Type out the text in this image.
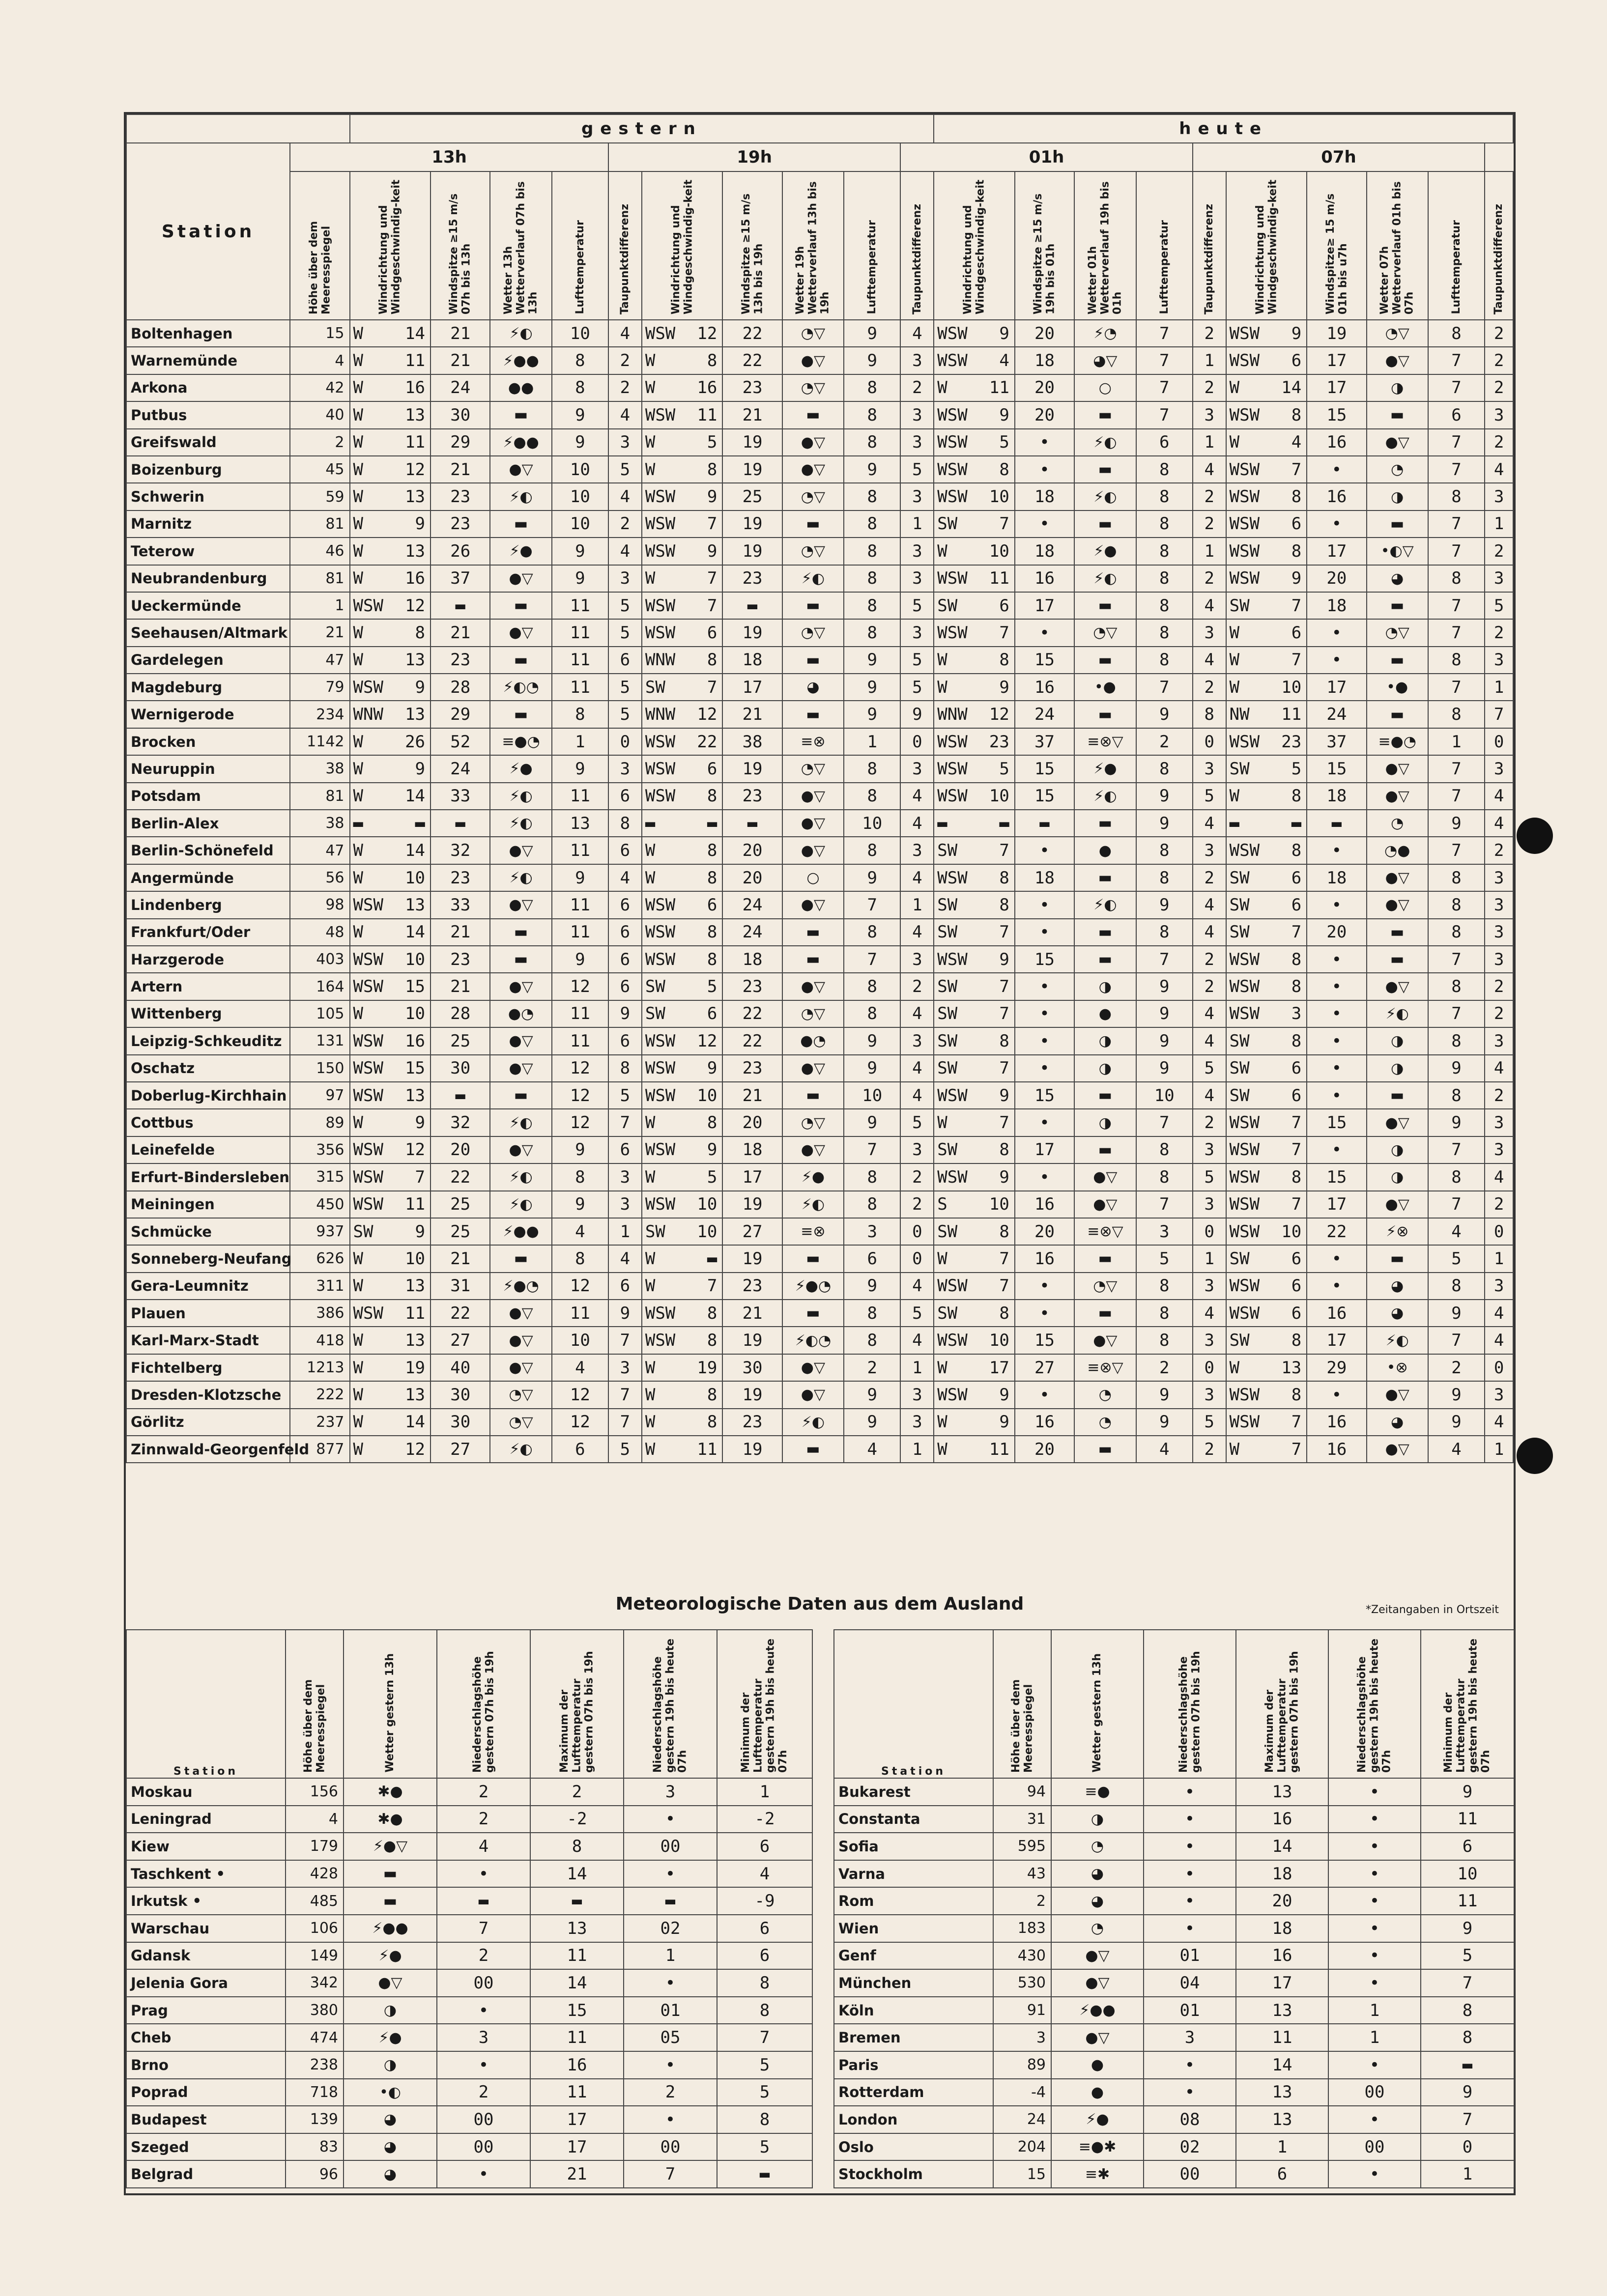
		gestern										heute									
Station	13h					19h					01h					07h					
	Höhe über dem Meeresspiegel	Windrichtung und Windgeschwindig-keit	Windspitze ≥15 m/s 07h bis 13h	Wetter 13h Wetterverlauf 07h bis 13h	Lufttemperatur	Taupunktdifferenz	Windrichtung und Windgeschwindig-keit	Windspitze ≥15 m/s 13h bis 19h	Wetter 19h Wetterverlauf 13h bis 19h	Lufttemperatur	Taupunktdifferenz	Windrichtung und Windgeschwindig-keit	Windspitze ≥15 m/s 19h bis 01h	Wetter 01h Wetterverlauf 19h bis 01h	Lufttemperatur	Taupunktdifferenz	Windrichtung und Windgeschwindig-keit	Windspitze≥ 15 m/s 01h bis u7h	Wetter 07h Wetterverlauf 01h bis 07h	Lufttemperatur	Taupunktdifferenz
Boltenhagen	15	W 14	21	⚡◐	10	4	WSW 12	22	◔▽	9	4	WSW 9	20	⚡◔	7	2	WSW 9	19	◔▽	8	2
Warnemünde	4	W 11	21	⚡●●	8	2	W 8	22	●▽	9	3	WSW 4	18	◕▽	7	1	WSW 6	17	●▽	7	2
Arkona	42	W 16	24	●●	8	2	W 16	23	◔▽	8	2	W 11	20	○	7	2	W 14	17	◑	7	2
Putbus	40	W 13	30	▬	9	4	WSW 11	21	▬	8	3	WSW 9	20	▬	7	3	WSW 8	15	▬	6	3
Greifswald	2	W 11	29	⚡●●	9	3	W 5	19	●▽	8	3	WSW 5	•	⚡◐	6	1	W 4	16	●▽	7	2
Boizenburg	45	W 12	21	●▽	10	5	W 8	19	●▽	9	5	WSW 8	•	▬	8	4	WSW 7	•	◔	7	4
Schwerin	59	W 13	23	⚡◐	10	4	WSW 9	25	◔▽	8	3	WSW 10	18	⚡◐	8	2	WSW 8	16	◑	8	3
Marnitz	81	W 9	23	▬	10	2	WSW 7	19	▬	8	1	SW 7	•	▬	8	2	WSW 6	•	▬	7	1
Teterow	46	W 13	26	⚡●	9	4	WSW 9	19	◔▽	8	3	W 10	18	⚡●	8	1	WSW 8	17	•◐▽	7	2
Neubrandenburg	81	W 16	37	●▽	9	3	W 7	23	⚡◐	8	3	WSW 11	16	⚡◐	8	2	WSW 9	20	◕	8	3
Ueckermünde	1	WSW 12	▬	▬	11	5	WSW 7	▬	▬	8	5	SW 6	17	▬	8	4	SW 7	18	▬	7	5
Seehausen/Altmark	21	W 8	21	●▽	11	5	WSW 6	19	◔▽	8	3	WSW 7	•	◔▽	8	3	W 6	•	◔▽	7	2
Gardelegen	47	W 13	23	▬	11	6	WNW 8	18	▬	9	5	W 8	15	▬	8	4	W 7	•	▬	8	3
Magdeburg	79	WSW 9	28	⚡◐◔	11	5	SW 7	17	◕	9	5	W 9	16	•●	7	2	W 10	17	•●	7	1
Wernigerode	234	WNW 13	29	▬	8	5	WNW 12	21	▬	9	9	WNW 12	24	▬	9	8	NW 11	24	▬	8	7
Brocken	1142	W 26	52	≡●◔	1	0	WSW 22	38	≡⊗	1	0	WSW 23	37	≡⊗▽	2	0	WSW 23	37	≡●◔	1	0
Neuruppin	38	W 9	24	⚡●	9	3	WSW 6	19	◔▽	8	3	WSW 5	15	⚡●	8	3	SW 5	15	●▽	7	3
Potsdam	81	W 14	33	⚡◐	11	6	WSW 8	23	●▽	8	4	WSW 10	15	⚡◐	9	5	W 8	18	●▽	7	4
Berlin-Alex	38	▬ ▬	▬	⚡◐	13	8	▬ ▬	▬	●▽	10	4	▬ ▬	▬	▬	9	4	▬ ▬	▬	◔	9	4
Berlin-Schönefeld	47	W 14	32	●▽	11	6	W 8	20	●▽	8	3	SW 7	•	●	8	3	WSW 8	•	◔●	7	2
Angermünde	56	W 10	23	⚡◐	9	4	W 8	20	○	9	4	WSW 8	18	▬	8	2	SW 6	18	●▽	8	3
Lindenberg	98	WSW 13	33	●▽	11	6	WSW 6	24	●▽	7	1	SW 8	•	⚡◐	9	4	SW 6	•	●▽	8	3
Frankfurt/Oder	48	W 14	21	▬	11	6	WSW 8	24	▬	8	4	SW 7	•	▬	8	4	SW 7	20	▬	8	3
Harzgerode	403	WSW 10	23	▬	9	6	WSW 8	18	▬	7	3	WSW 9	15	▬	7	2	WSW 8	•	▬	7	3
Artern	164	WSW 15	21	●▽	12	6	SW 5	23	●▽	8	2	SW 7	•	◑	9	2	WSW 8	•	●▽	8	2
Wittenberg	105	W 10	28	●◔	11	9	SW 6	22	◔▽	8	4	SW 7	•	●	9	4	WSW 3	•	⚡◐	7	2
Leipzig-Schkeuditz	131	WSW 16	25	●▽	11	6	WSW 12	22	●◔	9	3	SW 8	•	◑	9	4	SW 8	•	◑	8	3
Oschatz	150	WSW 15	30	●▽	12	8	WSW 9	23	●▽	9	4	SW 7	•	◑	9	5	SW 6	•	◑	9	4
Doberlug-Kirchhain	97	WSW 13	▬	▬	12	5	WSW 10	21	▬	10	4	WSW 9	15	▬	10	4	SW 6	•	▬	8	2
Cottbus	89	W 9	32	⚡◐	12	7	W 8	20	◔▽	9	5	W 7	•	◑	7	2	WSW 7	15	●▽	9	3
Leinefelde	356	WSW 12	20	●▽	9	6	WSW 9	18	●▽	7	3	SW 8	17	▬	8	3	WSW 7	•	◑	7	3
Erfurt-Bindersleben	315	WSW 7	22	⚡◐	8	3	W 5	17	⚡●	8	2	WSW 9	•	●▽	8	5	WSW 8	15	◑	8	4
Meiningen	450	WSW 11	25	⚡◐	9	3	WSW 10	19	⚡◐	8	2	S 10	16	●▽	7	3	WSW 7	17	●▽	7	2
Schmücke	937	SW 9	25	⚡●●	4	1	SW 10	27	≡⊗	3	0	SW 8	20	≡⊗▽	3	0	WSW 10	22	⚡⊗	4	0
Sonneberg-Neufang	626	W 10	21	▬	8	4	W ▬	19	▬	6	0	W 7	16	▬	5	1	SW 6	•	▬	5	1
Gera-Leumnitz	311	W 13	31	⚡●◔	12	6	W 7	23	⚡●◔	9	4	WSW 7	•	◔▽	8	3	WSW 6	•	◕	8	3
Plauen	386	WSW 11	22	●▽	11	9	WSW 8	21	▬	8	5	SW 8	•	▬	8	4	WSW 6	16	◕	9	4
Karl-Marx-Stadt	418	W 13	27	●▽	10	7	WSW 8	19	⚡◐◔	8	4	WSW 10	15	●▽	8	3	SW 8	17	⚡◐	7	4
Fichtelberg	1213	W 19	40	●▽	4	3	W 19	30	●▽	2	1	W 17	27	≡⊗▽	2	0	W 13	29	•⊗	2	0
Dresden-Klotzsche	222	W 13	30	◔▽	12	7	W 8	19	●▽	9	3	WSW 9	•	◔	9	3	WSW 8	•	●▽	9	3
Görlitz	237	W 14	30	◔▽	12	7	W 8	23	⚡◐	9	3	W 9	16	◔	9	5	WSW 7	16	◕	9	4
Zinnwald-Georgenfeld	877	W 12	27	⚡◐	6	5	W 11	19	▬	4	1	W 11	20	▬	4	2	W 7	16	●▽	4	1
Meteorologische Daten aus dem Ausland	*Zeitangaben in Ortszeit
Station	Höhe über dem Meeresspiegel	Wetter gestern 13h	Niederschlagshöhe gestern 07h bis 19h	Maximum der Lufttemperatur gestern 07h bis 19h	Niederschlagshöhe gestern 19h bis heute 07h	Minimum der Lufttemperatur gestern 19h bis heute 07h
Moskau	156	✱●	2	2	3	1
Leningrad	4	✱●	2	-2	•	-2
Kiew	179	⚡●▽	4	8	00	6
Taschkent •	428	▬	•	14	•	4
Irkutsk •	485	▬	▬	▬	▬	-9
Warschau	106	⚡●●	7	13	02	6
Gdansk	149	⚡●	2	11	1	6
Jelenia Gora	342	●▽	00	14	•	8
Prag	380	◑	•	15	01	8
Cheb	474	⚡●	3	11	05	7
Brno	238	◑	•	16	•	5
Poprad	718	•◐	2	11	2	5
Budapest	139	◕	00	17	•	8
Szeged	83	◕	00	17	00	5
Belgrad	96	◕	•	21	7	▬
Station	Höhe über dem Meeresspiegel	Wetter gestern 13h	Niederschlagshöhe gestern 07h bis 19h	Maximum der Lufttemperatur gestern 07h bis 19h	Niederschlagshöhe gestern 19h bis heute 07h	Minimum der Lufttemperatur gestern 19h bis heute 07h
Bukarest	94	≡●	•	13	•	9
Constanta	31	◑	•	16	•	11
Sofia	595	◔	•	14	•	6
Varna	43	◕	•	18	•	10
Rom	2	◕	•	20	•	11
Wien	183	◔	•	18	•	9
Genf	430	●▽	01	16	•	5
München	530	●▽	04	17	•	7
Köln	91	⚡●●	01	13	1	8
Bremen	3	●▽	3	11	1	8
Paris	89	●	•	14	•	▬
Rotterdam	-4	●	•	13	00	9
London	24	⚡●	08	13	•	7
Oslo	204	≡●✱	02	1	00	0
Stockholm	15	≡✱	00	6	•	1
